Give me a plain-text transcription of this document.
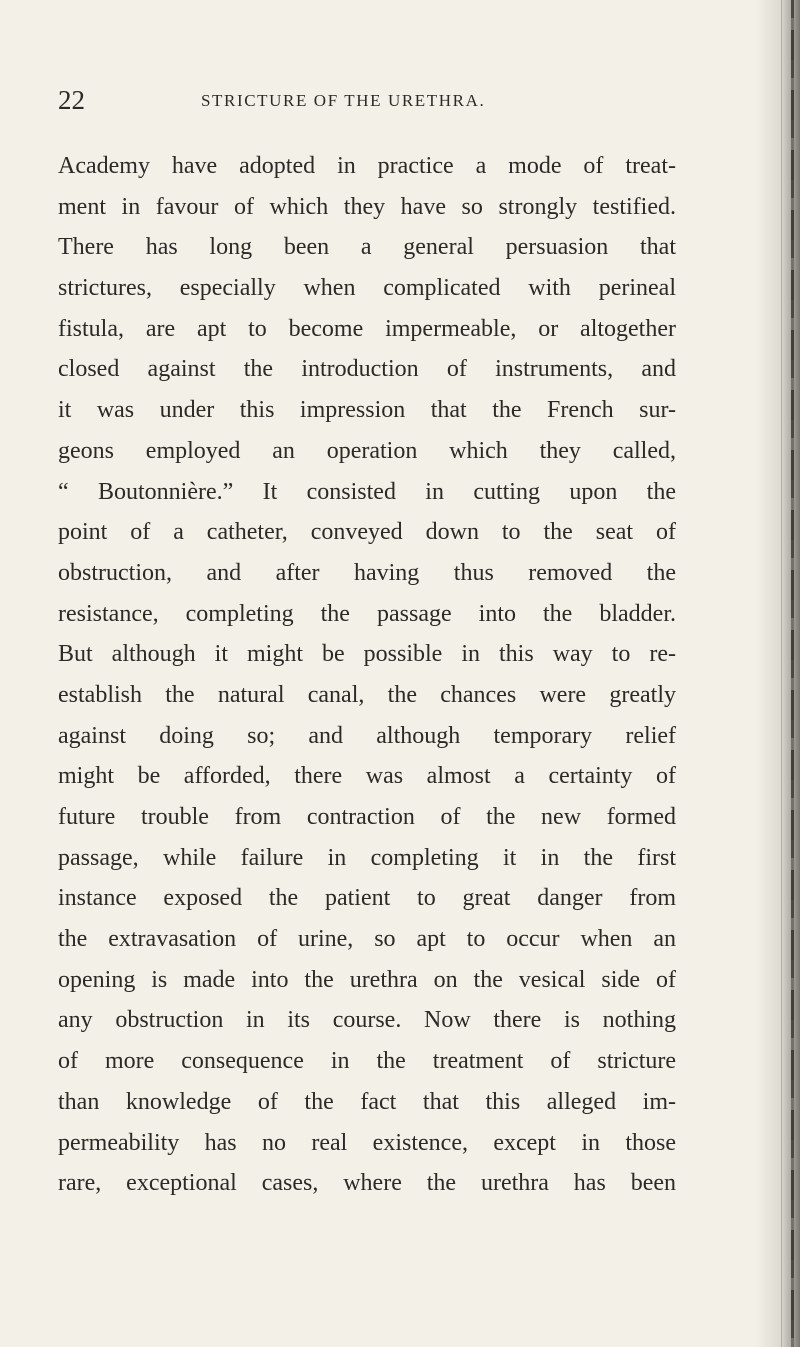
22	STRICTURE OF THE URETHRA.
Academy have adopted in practice a mode of treat-
ment in favour of which they have so strongly testified.
There has long been a general persuasion that
strictures, especially when complicated with perineal
fistula, are apt to become impermeable, or altogether
closed against the introduction of instruments, and
it was under this impression that the French sur-
geons employed an operation which they called,
“ Boutonnière.” It consisted in cutting upon the
point of a catheter, conveyed down to the seat of
obstruction, and after having thus removed the
resistance, completing the passage into the bladder.
But although it might be possible in this way to re-
establish the natural canal, the chances were greatly
against doing so; and although temporary relief
might be afforded, there was almost a certainty of
future trouble from contraction of the new formed
passage, while failure in completing it in the first
instance exposed the patient to great danger from
the extravasation of urine, so apt to occur when an
opening is made into the urethra on the vesical side of
any obstruction in its course. Now there is nothing
of more consequence in the treatment of stricture
than knowledge of the fact that this alleged im-
permeability has no real existence, except in those
rare, exceptional cases, where the urethra has been
